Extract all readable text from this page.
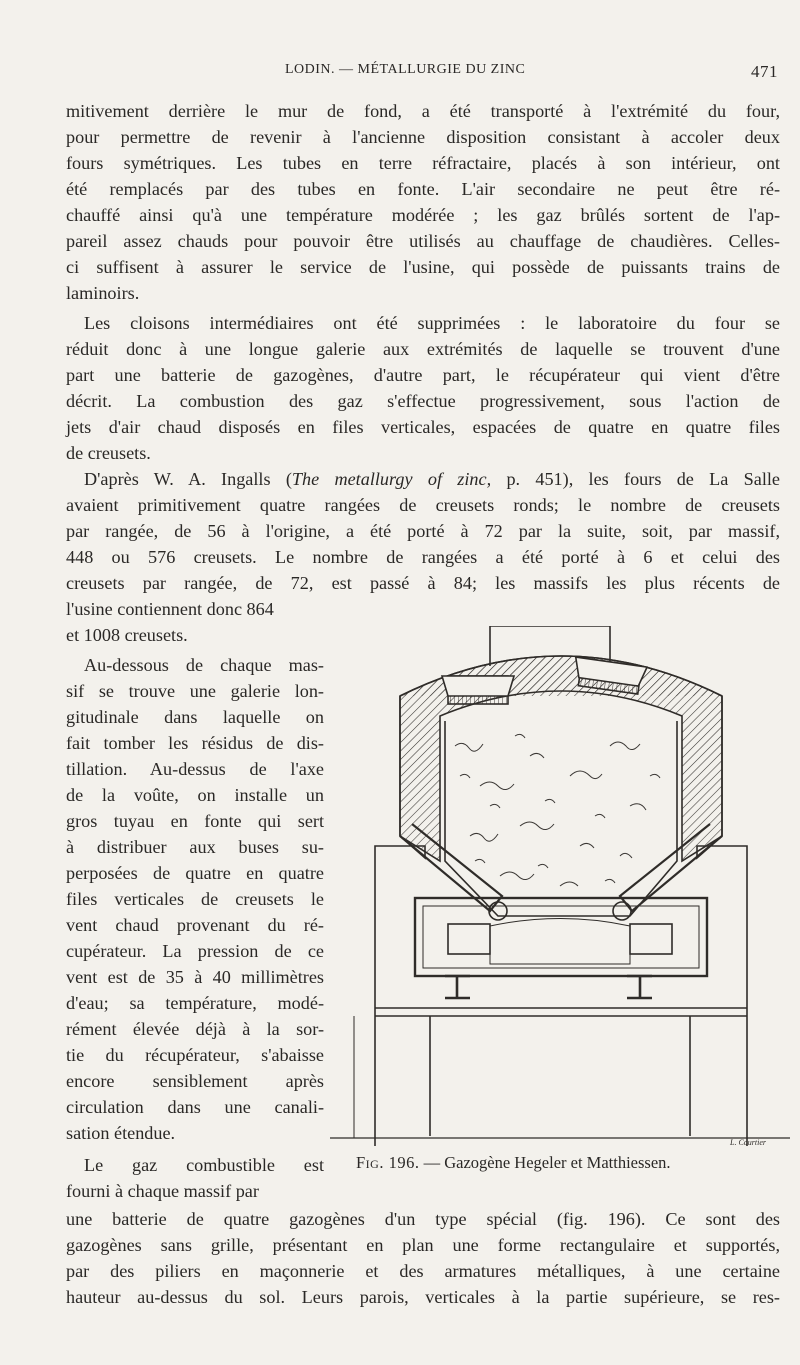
LODIN. — MÉTALLURGIE DU ZINC	471
mitivement derrière le mur de fond, a été transporté à l'extrémité du four,
pour permettre de revenir à l'ancienne disposition consistant à accoler deux
fours symétriques. Les tubes en terre réfractaire, placés à son intérieur, ont
été remplacés par des tubes en fonte. L'air secondaire ne peut être ré-
chauffé ainsi qu'à une température modérée ; les gaz brûlés sortent de l'ap-
pareil assez chauds pour pouvoir être utilisés au chauffage de chaudières. Celles-
ci suffisent à assurer le service de l'usine, qui possède de puissants trains de
laminoirs.
Les cloisons intermédiaires ont été supprimées : le laboratoire du four se
réduit donc à une longue galerie aux extrémités de laquelle se trouvent d'une
part une batterie de gazogènes, d'autre part, le récupérateur qui vient d'être
décrit. La combustion des gaz s'effectue progressivement, sous l'action de
jets d'air chaud disposés en files verticales, espacées de quatre en quatre files
de creusets.
D'après W. A. Ingalls (The metallurgy of zinc, p. 451), les fours de La Salle
avaient primitivement quatre rangées de creusets ronds; le nombre de creusets
par rangée, de 56 à l'origine, a été porté à 72 par la suite, soit, par massif,
448 ou 576 creusets. Le nombre de rangées a été porté à 6 et celui des
creusets par rangée, de 72, est passé à 84; les massifs les plus récents de
l'usine contiennent donc 864
et 1008 creusets.
Au-dessous de chaque mas-
sif se trouve une galerie lon-
gitudinale dans laquelle on
fait tomber les résidus de dis-
tillation. Au-dessus de l'axe
de la voûte, on installe un
gros tuyau en fonte qui sert
à distribuer aux buses su-
perposées de quatre en quatre
files verticales de creusets le
vent chaud provenant du ré-
cupérateur. La pression de ce
vent est de 35 à 40 millimètres
d'eau; sa température, modé-
rément élevée déjà à la sor-
tie du récupérateur, s'abaisse
encore sensiblement après
circulation dans une canali-
sation étendue.
Le gaz combustible est
fourni à chaque massif par
une batterie de quatre gazogènes d'un type spécial (fig. 196). Ce sont des
gazogènes sans grille, présentant en plan une forme rectangulaire et supportés,
par des piliers en maçonnerie et des armatures métalliques, à une certaine
hauteur au-dessus du sol. Leurs parois, verticales à la partie supérieure, se res-
L. Courtier
Fig. 196. — Gazogène Hegeler et Matthiessen.
